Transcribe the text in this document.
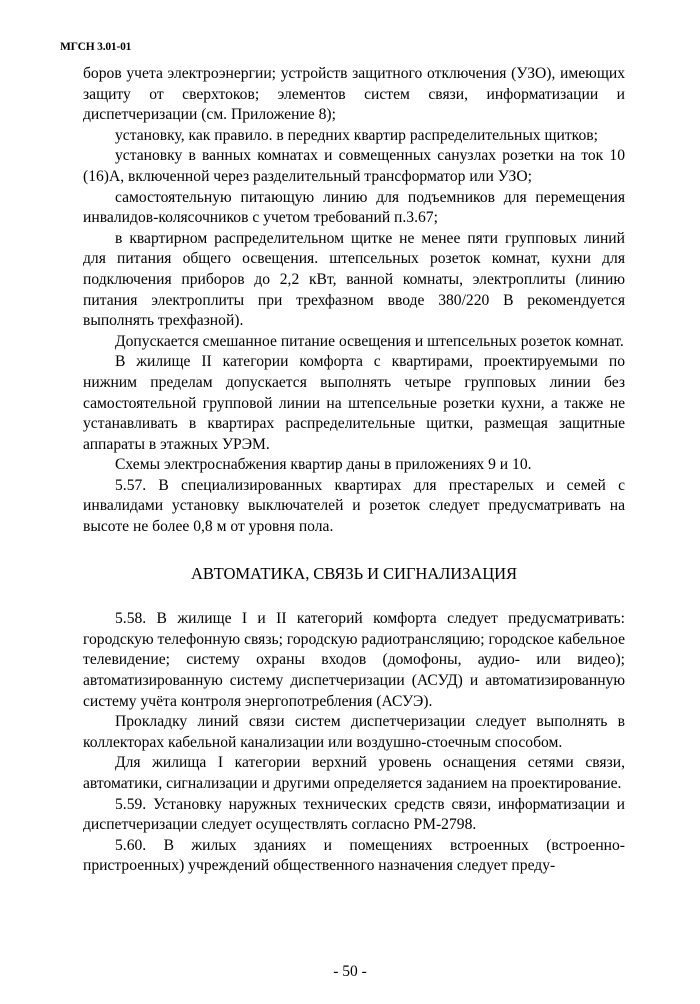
МГСН 3.01-01

боров учета электроэнергии; устройств защитного отключения (УЗО), имеющих защиту от сверхтоков; элементов систем связи, информатизации и диспетчеризации (см. Приложение 8);

установку, как правило. в передних квартир распределительных щитков;

установку в ванных комнатах и совмещенных санузлах розетки на ток 10 (16)А, включенной через разделительный трансформатор или УЗО;

самостоятельную питающую линию для подъемников для перемещения инвалидов-колясочников с учетом требований п.3.67;

в квартирном распределительном щитке не менее пяти групповых линий для питания общего освещения. штепсельных розеток комнат, кухни для подключения приборов до 2,2 кВт, ванной комнаты, электроплиты (линию питания электроплиты при трехфазном вводе 380/220 В рекомендуется выполнять трехфазной).

Допускается смешанное питание освещения и штепсельных розеток комнат.

В жилище II категории комфорта с квартирами, проектируемыми по нижним пределам допускается выполнять четыре групповых линии без самостоятельной групповой линии на штепсельные розетки кухни, а также не устанавливать в квартирах распределительные щитки, размещая защитные аппараты в этажных УРЭМ.

Схемы электроснабжения квартир даны в приложениях 9 и 10.

5.57. В специализированных квартирах для престарелых и семей с инвалидами установку выключателей и розеток следует предусматривать на высоте не более 0,8 м от уровня пола.

АВТОМАТИКА, СВЯЗЬ И СИГНАЛИЗАЦИЯ

5.58. В жилище I и II категорий комфорта следует предусматривать: городскую телефонную связь; городскую радиотрансляцию; городское кабельное телевидение; систему охраны входов (домофоны, аудио- или видео); автоматизированную систему диспетчеризации (АСУД) и автоматизированную систему учёта контроля энергопотребления (АСУЭ).

Прокладку линий связи систем диспетчеризации следует выполнять в коллекторах кабельной канализации или воздушно-стоечным способом.

Для жилища I категории верхний уровень оснащения сетями связи, автоматики, сигнализации и другими определяется заданием на проектирование.

5.59. Установку наружных технических средств связи, информатизации и диспетчеризации следует осуществлять согласно РМ-2798.

5.60. В жилых зданиях и помещениях встроенных (встроенно-пристроенных) учреждений общественного назначения следует преду-

- 50 -
